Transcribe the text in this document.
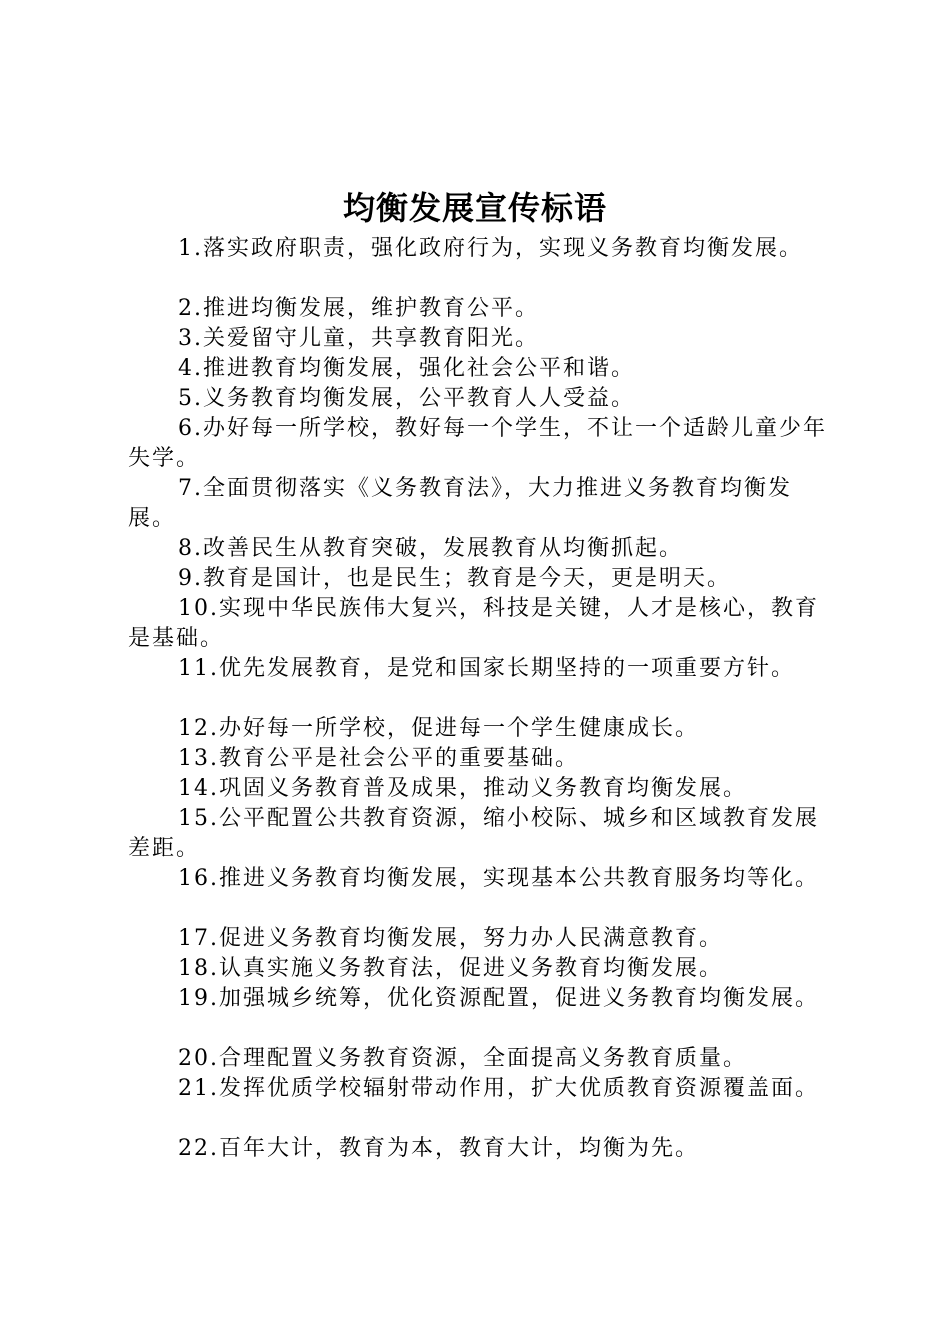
均衡发展宣传标语
1.落实政府职责，强化政府行为，实现义务教育均衡发展。
2.推进均衡发展，维护教育公平。
3.关爱留守儿童，共享教育阳光。
4.推进教育均衡发展，强化社会公平和谐。
5.义务教育均衡发展，公平教育人人受益。
6.办好每一所学校，教好每一个学生，不让一个适龄儿童少年失学。
7.全面贯彻落实《义务教育法》，大力推进义务教育均衡发展。
8.改善民生从教育突破，发展教育从均衡抓起。
9.教育是国计，也是民生；教育是今天，更是明天。
10.实现中华民族伟大复兴，科技是关键，人才是核心，教育是基础。
11.优先发展教育，是党和国家长期坚持的一项重要方针。
12.办好每一所学校，促进每一个学生健康成长。
13.教育公平是社会公平的重要基础。
14.巩固义务教育普及成果，推动义务教育均衡发展。
15.公平配置公共教育资源，缩小校际、城乡和区域教育发展差距。
16.推进义务教育均衡发展，实现基本公共教育服务均等化。
17.促进义务教育均衡发展，努力办人民满意教育。
18.认真实施义务教育法，促进义务教育均衡发展。
19.加强城乡统筹，优化资源配置，促进义务教育均衡发展。
20.合理配置义务教育资源，全面提高义务教育质量。
21.发挥优质学校辐射带动作用，扩大优质教育资源覆盖面。
22.百年大计，教育为本，教育大计，均衡为先。
